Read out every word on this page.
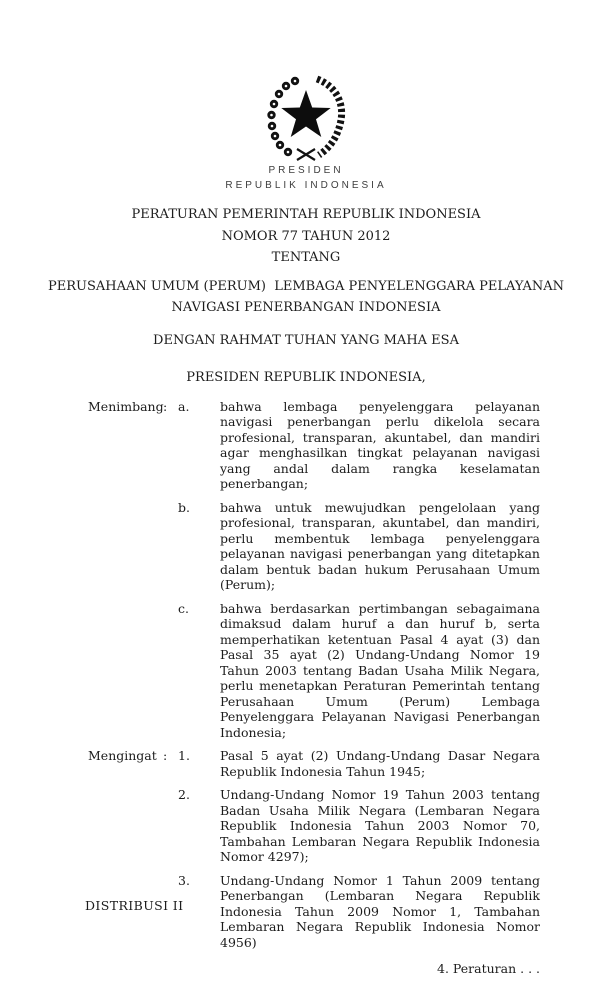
PRESIDEN
REPUBLIK INDONESIA
PERATURAN PEMERINTAH REPUBLIK INDONESIA
NOMOR 77 TAHUN 2012
TENTANG
PERUSAHAAN UMUM (PERUM)  LEMBAGA PENYELENGGARA PELAYANAN
NAVIGASI PENERBANGAN INDONESIA
DENGAN RAHMAT TUHAN YANG MAHA ESA
PRESIDEN REPUBLIK INDONESIA,
Menimbang : a.	bahwa lembaga penyelenggara pelayanan navigasi penerbangan perlu dikelola secara profesional, transparan, akuntabel, dan mandiri agar menghasilkan tingkat pelayanan navigasi yang andal dalam rangka keselamatan penerbangan;
b.	bahwa untuk mewujudkan pengelolaan yang profesional, transparan, akuntabel, dan mandiri, perlu membentuk lembaga penyelenggara pelayanan navigasi penerbangan yang ditetapkan dalam bentuk badan hukum Perusahaan Umum (Perum);
c.	bahwa berdasarkan pertimbangan sebagaimana dimaksud dalam huruf a dan huruf b, serta memperhatikan ketentuan Pasal 4 ayat (3) dan Pasal 35 ayat (2) Undang-Undang Nomor 19 Tahun 2003 tentang Badan Usaha Milik Negara, perlu menetapkan Peraturan Pemerintah tentang Perusahaan Umum (Perum) Lembaga Penyelenggara Pelayanan Navigasi Penerbangan Indonesia;
Mengingat : 1.	Pasal 5 ayat (2) Undang-Undang Dasar Negara Republik Indonesia Tahun 1945;
2.	Undang-Undang Nomor 19 Tahun 2003 tentang Badan Usaha Milik Negara (Lembaran Negara Republik Indonesia Tahun 2003 Nomor 70, Tambahan Lembaran Negara Republik Indonesia Nomor 4297);
3.	Undang-Undang Nomor 1 Tahun 2009 tentang Penerbangan (Lembaran Negara Republik Indonesia Tahun 2009 Nomor 1, Tambahan Lembaran Negara Republik Indonesia Nomor 4956)
4. Peraturan . . .
DISTRIBUSI II
